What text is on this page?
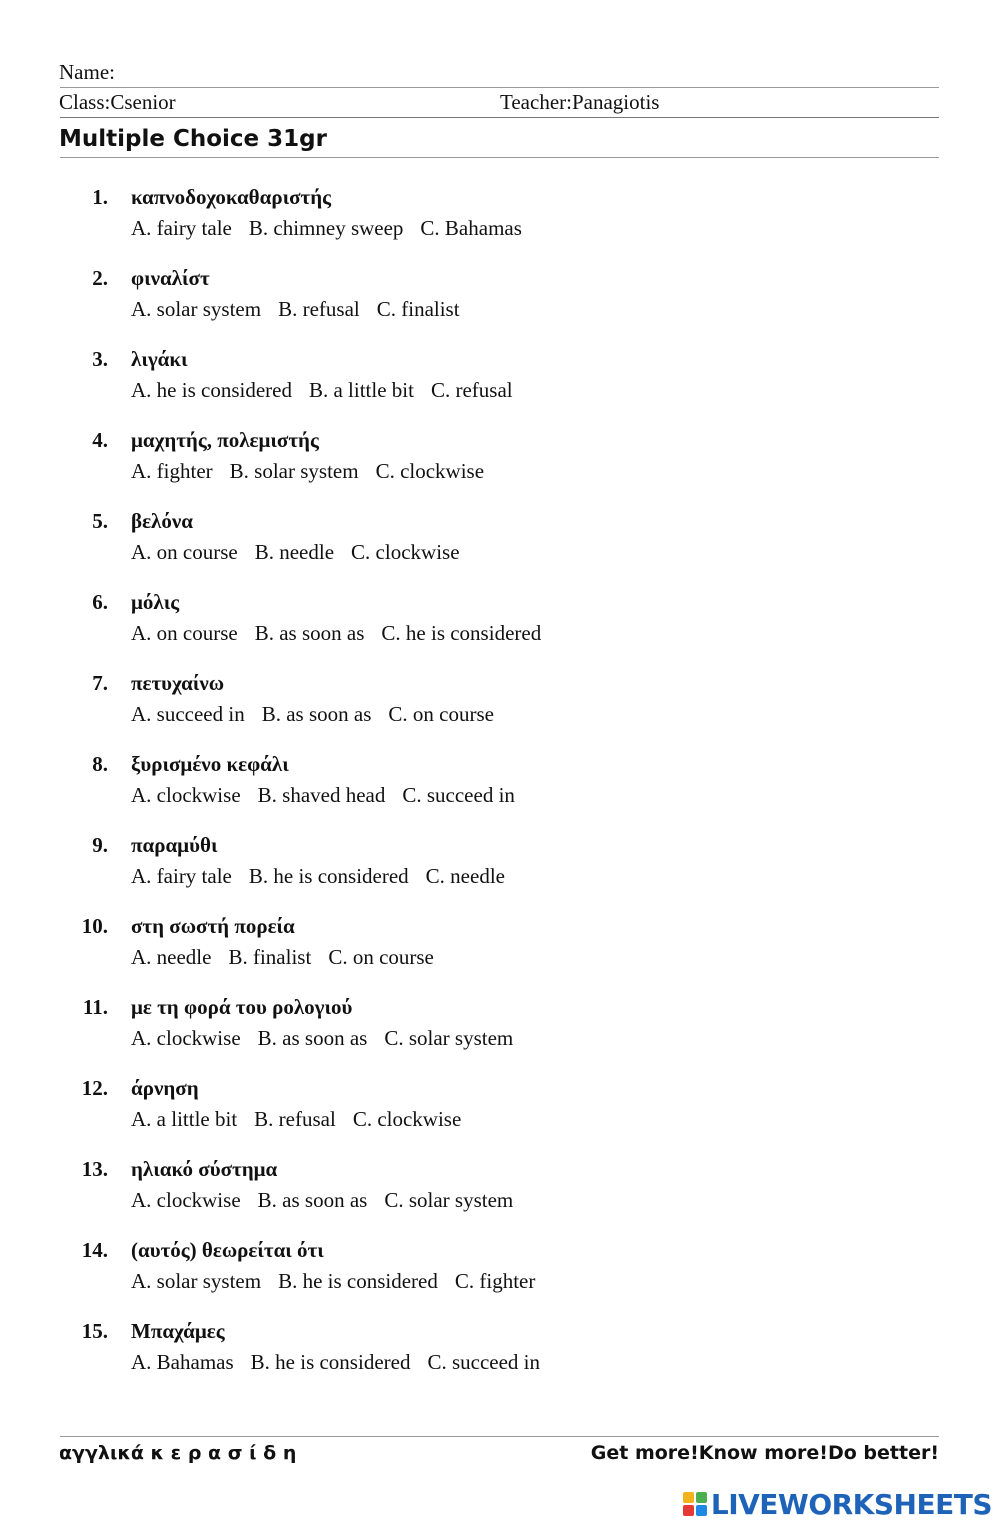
Name:
Class:Csenior	Teacher:Panagiotis
Multiple Choice 31gr
1. καπνοδοχοκαθαριστής
A. fairy tale B. chimney sweep C. Bahamas
2. φιναλίστ
A. solar system B. refusal C. finalist
3. λιγάκι
A. he is considered B. a little bit C. refusal
4. μαχητής, πολεμιστής
A. fighter B. solar system C. clockwise
5. βελόνα
A. on course B. needle C. clockwise
6. μόλις
A. on course B. as soon as C. he is considered
7. πετυχαίνω
A. succeed in B. as soon as C. on course
8. ξυρισμένο κεφάλι
A. clockwise B. shaved head C. succeed in
9. παραμύθι
A. fairy tale B. he is considered C. needle
10. στη σωστή πορεία
A. needle B. finalist C. on course
11. με τη φορά του ρολογιού
A. clockwise B. as soon as C. solar system
12. άρνηση
A. a little bit B. refusal C. clockwise
13. ηλιακό σύστημα
A. clockwise B. as soon as C. solar system
14. (αυτός) θεωρείται ότι
A. solar system B. he is considered C. fighter
15. Μπαχάμες
A. Bahamas B. he is considered C. succeed in
αγγλικά κ ε ρ α σ ί δ η	Get more!Know more!Do better!
LIVEWORKSHEETS
